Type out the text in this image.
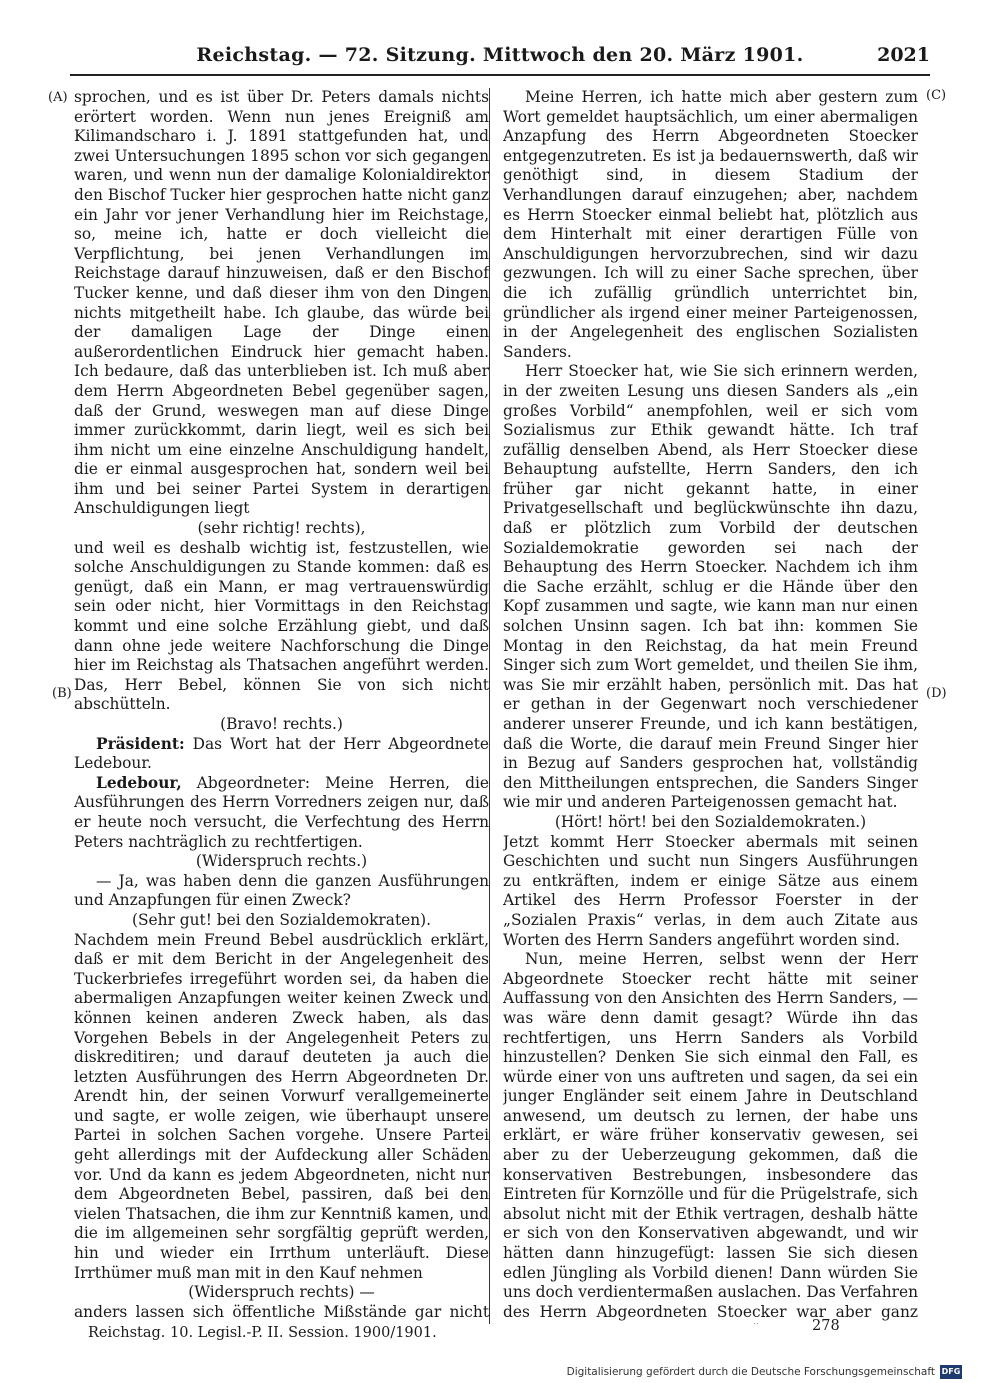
Reichstag. — 72. Sitzung. Mittwoch den 20. März 1901.	2021
(A)
(B)
(C)
(D)

sprochen, und es ist über Dr. Peters damals nichts erörtert worden. Wenn nun jenes Ereigniß am Kilimandscharo i. J. 1891 stattgefunden hat, und zwei Untersuchungen 1895 schon vor sich gegangen waren, und wenn nun der damalige Kolonialdirektor den Bischof Tucker hier gesprochen hatte nicht ganz ein Jahr vor jener Verhandlung hier im Reichstage, so, meine ich, hatte er doch vielleicht die Verpflichtung, bei jenen Verhandlungen im Reichstage darauf hinzuweisen, daß er den Bischof Tucker kenne, und daß dieser ihm von den Dingen nichts mitgetheilt habe. Ich glaube, das würde bei der damaligen Lage der Dinge einen außerordentlichen Eindruck hier gemacht haben. Ich bedaure, daß das unterblieben ist. Ich muß aber dem Herrn Abgeordneten Bebel gegenüber sagen, daß der Grund, weswegen man auf diese Dinge immer zurückkommt, darin liegt, weil es sich bei ihm nicht um eine einzelne Anschuldigung handelt, die er einmal ausgesprochen hat, sondern weil bei ihm und bei seiner Partei System in derartigen Anschuldigungen liegt

(sehr richtig! rechts),

und weil es deshalb wichtig ist, festzustellen, wie solche Anschuldigungen zu Stande kommen: daß es genügt, daß ein Mann, er mag vertrauenswürdig sein oder nicht, hier Vormittags in den Reichstag kommt und eine solche Erzählung giebt, und daß dann ohne jede weitere Nachforschung die Dinge hier im Reichstag als Thatsachen angeführt werden. Das, Herr Bebel, können Sie von sich nicht abschütteln.

(Bravo! rechts.)

Präsident: Das Wort hat der Herr Abgeordnete Ledebour.

Ledebour, Abgeordneter: Meine Herren, die Ausführungen des Herrn Vorredners zeigen nur, daß er heute noch versucht, die Verfechtung des Herrn Peters nachträglich zu rechtfertigen.

(Widerspruch rechts.)

— Ja, was haben denn die ganzen Ausführungen und Anzapfungen für einen Zweck?

(Sehr gut! bei den Sozialdemokraten).

Nachdem mein Freund Bebel ausdrücklich erklärt, daß er mit dem Bericht in der Angelegenheit des Tuckerbriefes irregeführt worden sei, da haben die abermaligen Anzapfungen weiter keinen Zweck und können keinen anderen Zweck haben, als das Vorgehen Bebels in der Angelegenheit Peters zu diskreditiren; und darauf deuteten ja auch die letzten Ausführungen des Herrn Abgeordneten Dr. Arendt hin, der seinen Vorwurf verallgemeinerte und sagte, er wolle zeigen, wie überhaupt unsere Partei in solchen Sachen vorgehe. Unsere Partei geht allerdings mit der Aufdeckung aller Schäden vor. Und da kann es jedem Abgeordneten, nicht nur dem Abgeordneten Bebel, passiren, daß bei den vielen Thatsachen, die ihm zur Kenntniß kamen, und die im allgemeinen sehr sorgfältig geprüft werden, hin und wieder ein Irrthum unterläuft. Diese Irrthümer muß man mit in den Kauf nehmen

(Widerspruch rechts) —

anders lassen sich öffentliche Mißstände gar nicht

Meine Herren, ich hatte mich aber gestern zum Wort gemeldet hauptsächlich, um einer abermaligen Anzapfung des Herrn Abgeordneten Stoecker entgegenzutreten. Es ist ja bedauernswerth, daß wir genöthigt sind, in diesem Stadium der Verhandlungen darauf einzugehen; aber, nachdem es Herrn Stoecker einmal beliebt hat, plötzlich aus dem Hinterhalt mit einer derartigen Fülle von Anschuldigungen hervorzubrechen, sind wir dazu gezwungen. Ich will zu einer Sache sprechen, über die ich zufällig gründlich unterrichtet bin, gründlicher als irgend einer meiner Parteigenossen, in der Angelegenheit des englischen Sozialisten Sanders.

Herr Stoecker hat, wie Sie sich erinnern werden, in der zweiten Lesung uns diesen Sanders als „ein großes Vorbild“ anempfohlen, weil er sich vom Sozialismus zur Ethik gewandt hätte. Ich traf zufällig denselben Abend, als Herr Stoecker diese Behauptung aufstellte, Herrn Sanders, den ich früher gar nicht gekannt hatte, in einer Privatgesellschaft und beglückwünschte ihn dazu, daß er plötzlich zum Vorbild der deutschen Sozialdemokratie geworden sei nach der Behauptung des Herrn Stoecker. Nachdem ich ihm die Sache erzählt, schlug er die Hände über den Kopf zusammen und sagte, wie kann man nur einen solchen Unsinn sagen. Ich bat ihn: kommen Sie Montag in den Reichstag, da hat mein Freund Singer sich zum Wort gemeldet, und theilen Sie ihm, was Sie mir erzählt haben, persönlich mit. Das hat er gethan in der Gegenwart noch verschiedener anderer unserer Freunde, und ich kann bestätigen, daß die Worte, die darauf mein Freund Singer hier in Bezug auf Sanders gesprochen hat, vollständig den Mittheilungen entsprechen, die Sanders Singer wie mir und anderen Parteigenossen gemacht hat.

(Hört! hört! bei den Sozialdemokraten.)

Jetzt kommt Herr Stoecker abermals mit seinen Geschichten und sucht nun Singers Ausführungen zu entkräften, indem er einige Sätze aus einem Artikel des Herrn Professor Foerster in der „Sozialen Praxis“ verlas, in dem auch Zitate aus Worten des Herrn Sanders angeführt worden sind.

Nun, meine Herren, selbst wenn der Herr Abgeordnete Stoecker recht hätte mit seiner Auffassung von den Ansichten des Herrn Sanders, — was wäre denn damit gesagt? Würde ihn das rechtfertigen, uns Herrn Sanders als Vorbild hinzustellen? Denken Sie sich einmal den Fall, es würde einer von uns auftreten und sagen, da sei ein junger Engländer seit einem Jahre in Deutschland anwesend, um deutsch zu lernen, der habe uns erklärt, er wäre früher konservativ gewesen, sei aber zu der Ueberzeugung gekommen, daß die konservativen Bestrebungen, insbesondere das Eintreten für Kornzölle und für die Prügelstrafe, sich absolut nicht mit der Ethik vertragen, deshalb hätte er sich von den Konservativen abgewandt, und wir hätten dann hinzugefügt: lassen Sie sich diesen edlen Jüngling als Vorbild dienen! Dann würden Sie uns doch verdientermaßen auslachen. Das Verfahren des Herrn Abgeordneten Stoecker war aber ganz

Reichstag. 10. Legisl.-P. II. Session. 1900/1901.	278
Digitalisierung gefördert durch die Deutsche Forschungsgemeinschaft DFG
